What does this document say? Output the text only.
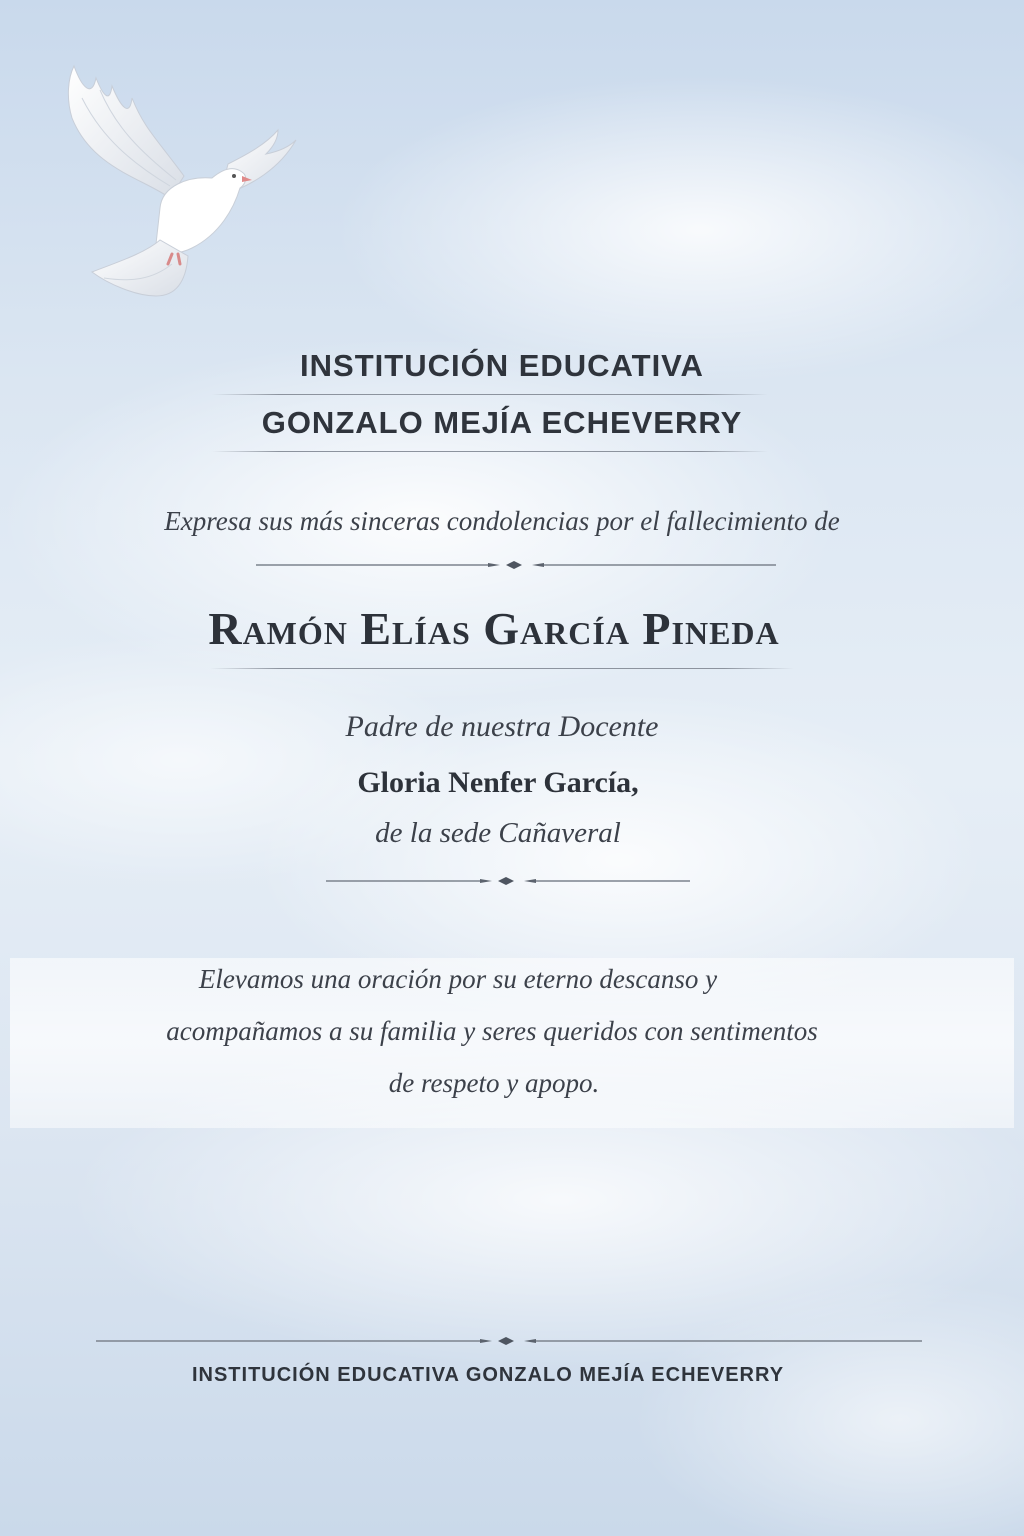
INSTITUCIÓN EDUCATIVA
GONZALO MEJÍA ECHEVERRY
Expresa sus más sinceras condolencias por el fallecimiento de
Ramón Elías García Pineda
Padre de nuestra Docente
Gloria Nenfer García,
de la sede Cañaveral
Elevamos una oración por su eterno descanso y
acompañamos a su familia y seres queridos con sentimentos
de respeto y apopo.
INSTITUCIÓN EDUCATIVA GONZALO MEJÍA ECHEVERRY
